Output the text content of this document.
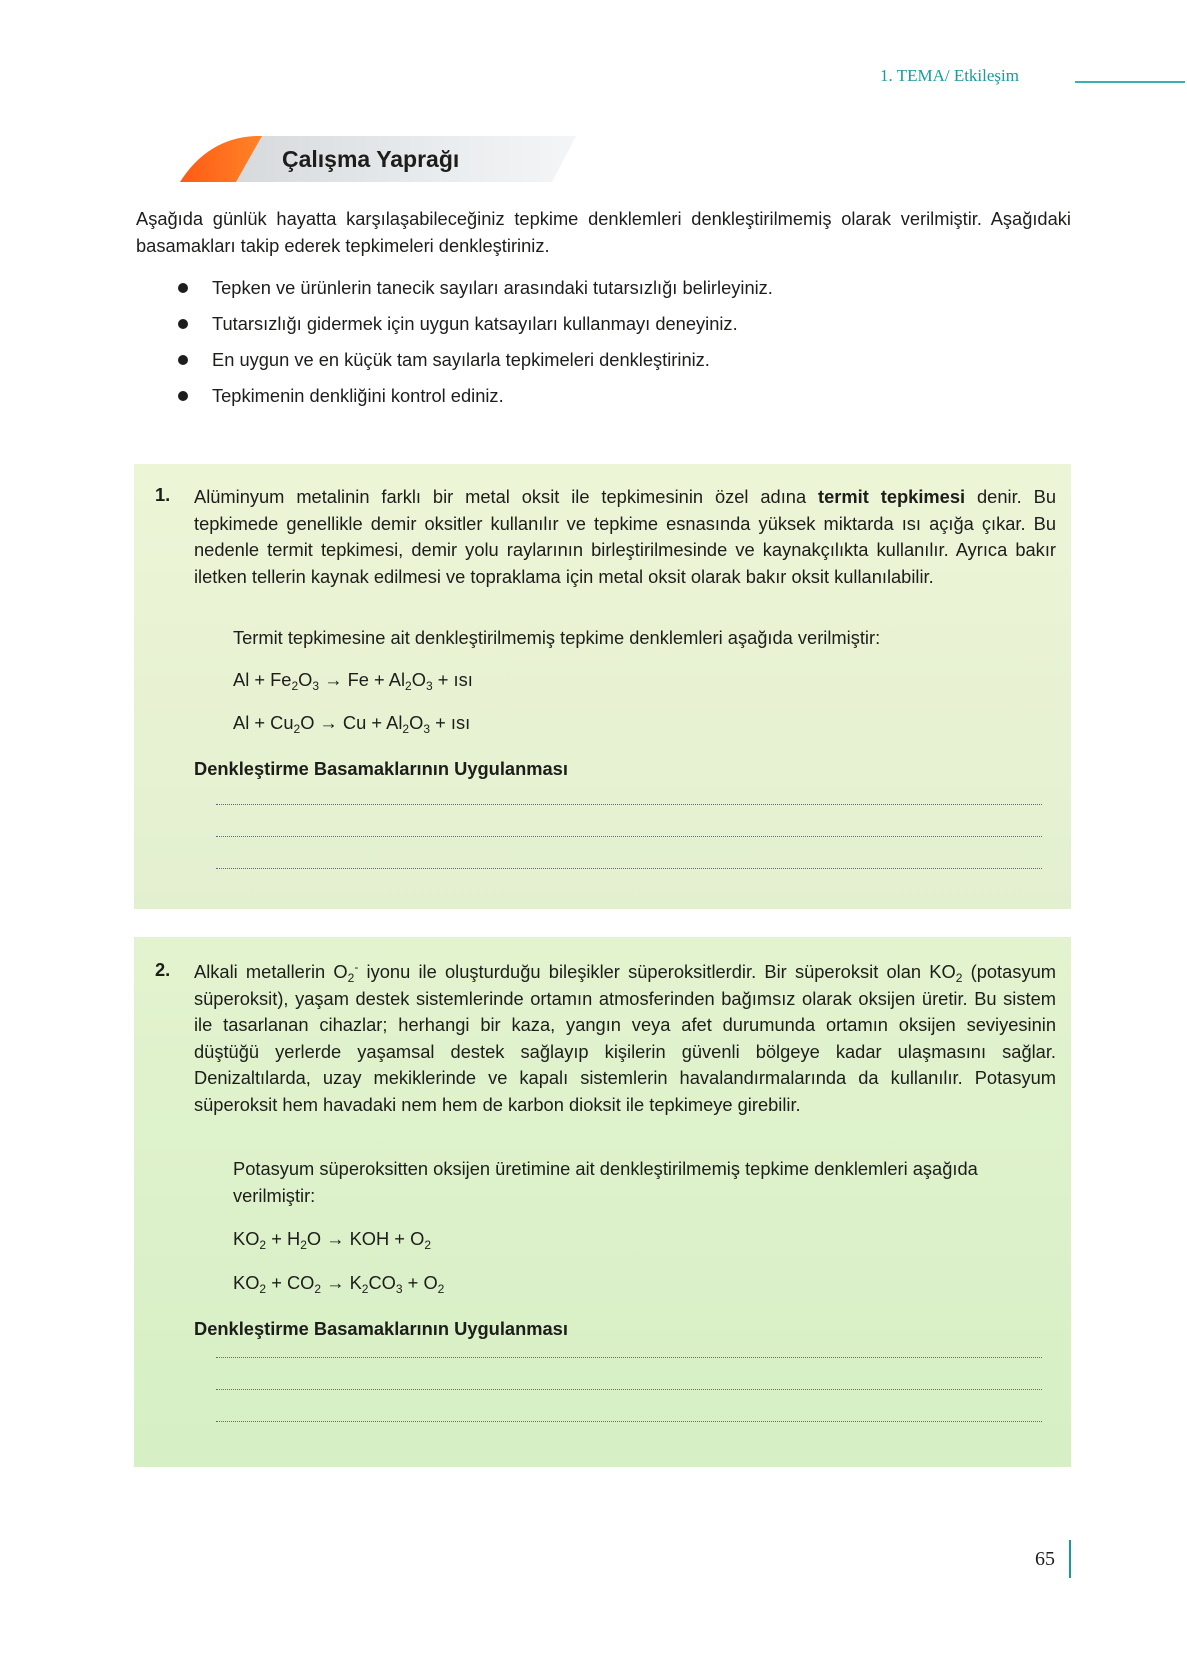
1. TEMA/ Etkileşim
Çalışma Yaprağı
Aşağıda günlük hayatta karşılaşabileceğiniz tepkime denklemleri denkleştirilmemiş olarak verilmiştir. Aşağıdaki basamakları takip ederek tepkimeleri denkleştiriniz.
Tepken ve ürünlerin tanecik sayıları arasındaki tutarsızlığı belirleyiniz.
Tutarsızlığı gidermek için uygun katsayıları kullanmayı deneyiniz.
En uygun ve en küçük tam sayılarla tepkimeleri denkleştiriniz.
Tepkimenin denkliğini kontrol ediniz.
1. Alüminyum metalinin farklı bir metal oksit ile tepkimesinin özel adına termit tepkimesi denir. Bu tepkimede genellikle demir oksitler kullanılır ve tepkime esnasında yüksek miktarda ısı açığa çıkar. Bu nedenle termit tepkimesi, demir yolu raylarının birleştirilmesinde ve kaynakçılıkta kullanılır. Ayrıca bakır iletken tellerin kaynak edilmesi ve topraklama için metal oksit olarak bakır oksit kullanılabilir.
Termit tepkimesine ait denkleştirilmemiş tepkime denklemleri aşağıda verilmiştir:
$Al + Fe_2O_3 \to Fe + Al_2O_3$ + ısı
$Al + Cu_2O \to Cu + Al_2O_3$ + ısı
Denkleştirme Basamaklarının Uygulanması
2. Alkali metallerin $O_2^-$ iyonu ile oluşturduğu bileşikler süperoksitlerdir. Bir süperoksit olan $KO_2$ (potasyum süperoksit), yaşam destek sistemlerinde ortamın atmosferinden bağımsız olarak oksijen üretir. Bu sistem ile tasarlanan cihazlar; herhangi bir kaza, yangın veya afet durumunda ortamın oksijen seviyesinin düştüğü yerlerde yaşamsal destek sağlayıp kişilerin güvenli bölgeye kadar ulaşmasını sağlar. Denizaltılarda, uzay mekiklerinde ve kapalı sistemlerin havalandırmalarında da kullanılır. Potasyum süperoksit hem havadaki nem hem de karbon dioksit ile tepkimeye girebilir.
Potasyum süperoksitten oksijen üretimine ait denkleştirilmemiş tepkime denklemleri aşağıda verilmiştir:
$KO_2 + H_2O$ → KOH + $O_2$
$KO_2 + CO_2 \to K_2CO_3 + O_2$
Denkleştirme Basamaklarının Uygulanması
65
